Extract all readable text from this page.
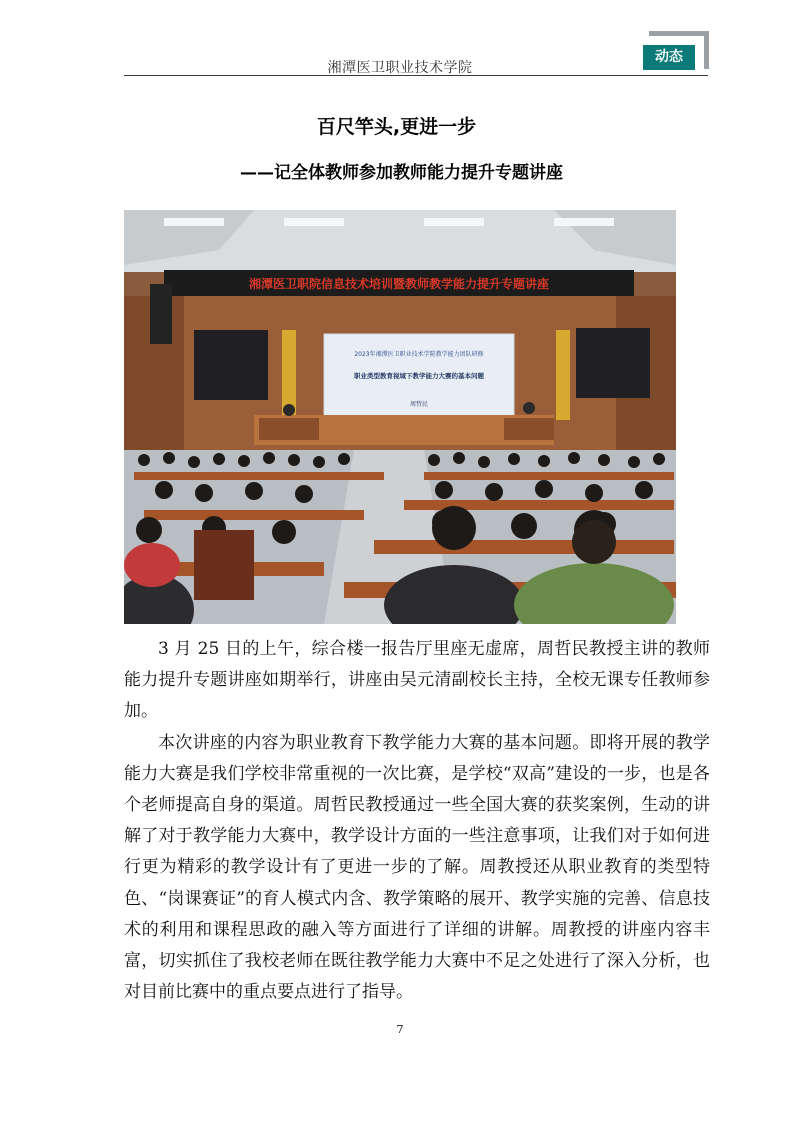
湘潭医卫职业技术学院
动态
百尺竿头,更进一步
——记全体教师参加教师能力提升专题讲座
湘潭医卫职院信息技术培训暨教师教学能力提升专题讲座
2023年湘潭医卫职业技术学院教学能力团队研修
职业类型教育视域下教学能力大赛的基本问题
周哲民

3 月 25 日的上午，综合楼一报告厅里座无虚席，周哲民教授主讲的教师能力提升专题讲座如期举行，讲座由吴元清副校长主持，全校无课专任教师参加。

本次讲座的内容为职业教育下教学能力大赛的基本问题。即将开展的教学能力大赛是我们学校非常重视的一次比赛，是学校“双高”建设的一步，也是各个老师提高自身的渠道。周哲民教授通过一些全国大赛的获奖案例，生动的讲解了对于教学能力大赛中，教学设计方面的一些注意事项，让我们对于如何进行更为精彩的教学设计有了更进一步的了解。周教授还从职业教育的类型特色、“岗课赛证”的育人模式内含、教学策略的展开、教学实施的完善、信息技术的利用和课程思政的融入等方面进行了详细的讲解。周教授的讲座内容丰富，切实抓住了我校老师在既往教学能力大赛中不足之处进行了深入分析，也对目前比赛中的重点要点进行了指导。

7
